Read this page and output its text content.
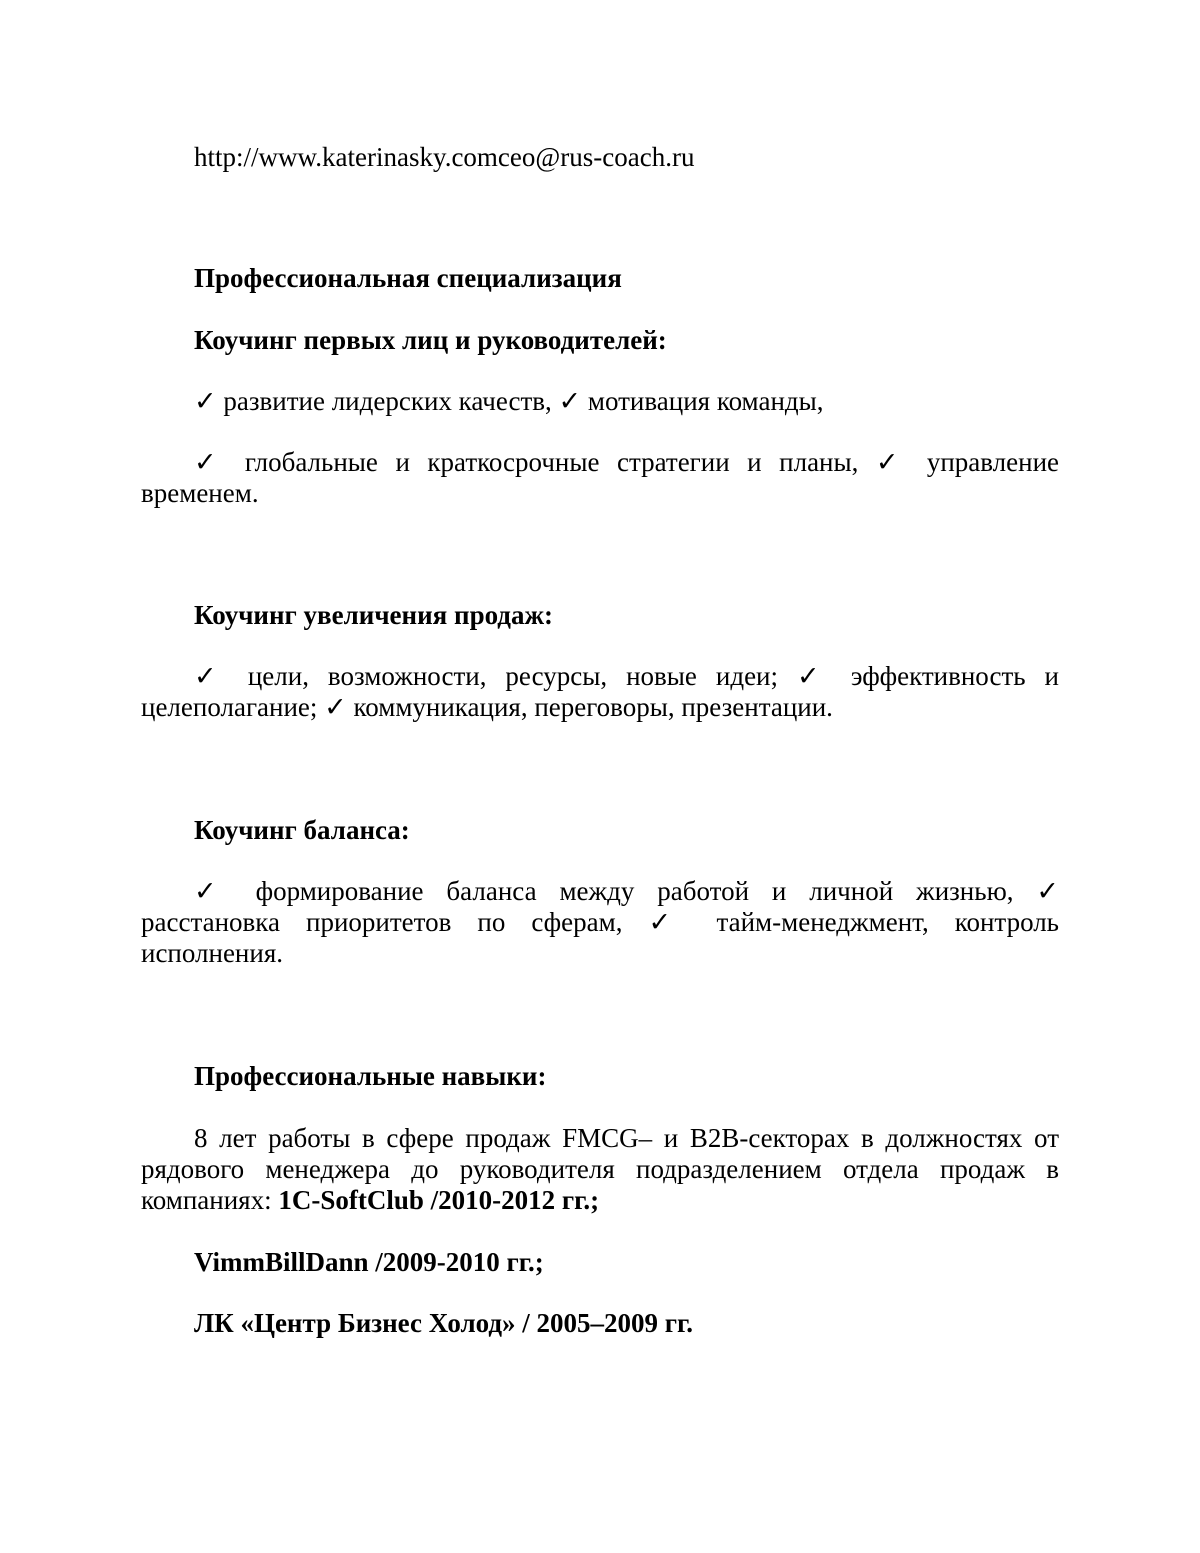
http://www.katerinasky.comceo@rus-coach.ru

Профессиональная специализация

Коучинг первых лиц и руководителей:

✓ развитие лидерских качеств, ✓ мотивация команды,

✓ глобальные и краткосрочные стратегии и планы, ✓ управление временем.

Коучинг увеличения продаж:

✓ цели, возможности, ресурсы, новые идеи; ✓ эффективность и целеполагание; ✓ коммуникация, переговоры, презентации.

Коучинг баланса:

✓ формирование баланса между работой и личной жизнью, ✓ расстановка приоритетов по сферам, ✓ тайм-менеджмент, контроль исполнения.

Профессиональные навыки:

8 лет работы в сфере продаж FMCG– и B2B-секторах в должностях от рядового менеджера до руководителя подразделением отдела продаж в компаниях: 1C-SoftClub /2010-2012 гг.;

VimmBillDann /2009-2010 гг.;

ЛК «Центр Бизнес Холод» / 2005–2009 гг.
